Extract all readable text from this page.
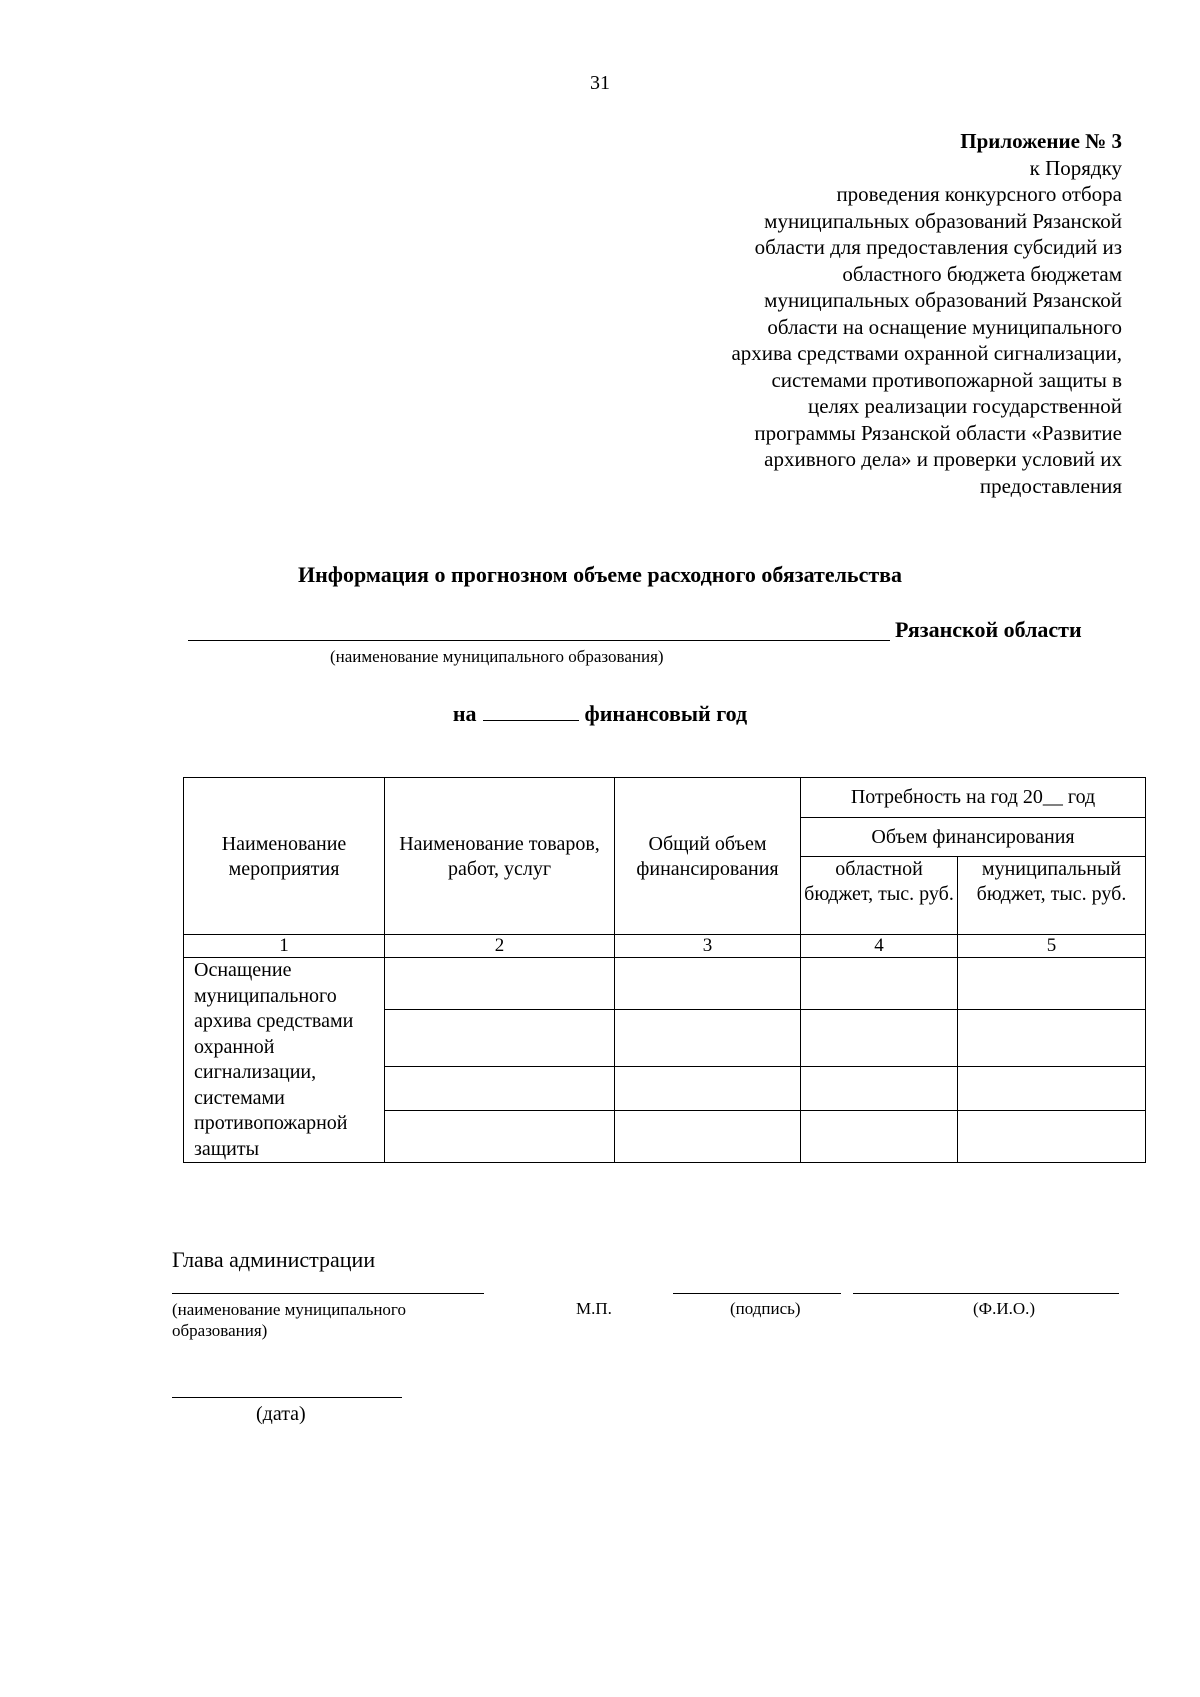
31
Приложение № 3
к Порядку
проведения конкурсного отбора
муниципальных образований Рязанской
области для предоставления субсидий из
областного бюджета бюджетам
муниципальных образований Рязанской
области на оснащение муниципального
архива средствами охранной сигнализации,
системами противопожарной защиты в
целях реализации государственной
программы Рязанской области «Развитие
архивного дела» и проверки условий их
предоставления
Информация о прогнозном объеме расходного обязательства
Рязанской области
(наименование муниципального образования)
на	финансовый год
Наименование мероприятия	Наименование товаров, работ, услуг	Общий объем финансирования	Потребность на год 20__ год	
			Объем финансирования	
			областной бюджет, тыс. руб.	муниципальный бюджет, тыс. руб.
1	2	3	4	5
Оснащение муниципального архива средствами охранной сигнализации, системами противопожарной защиты				

Глава администрации
(наименование муниципального
образования)
М.П.	(подпись)	(Ф.И.О.)
(дата)
